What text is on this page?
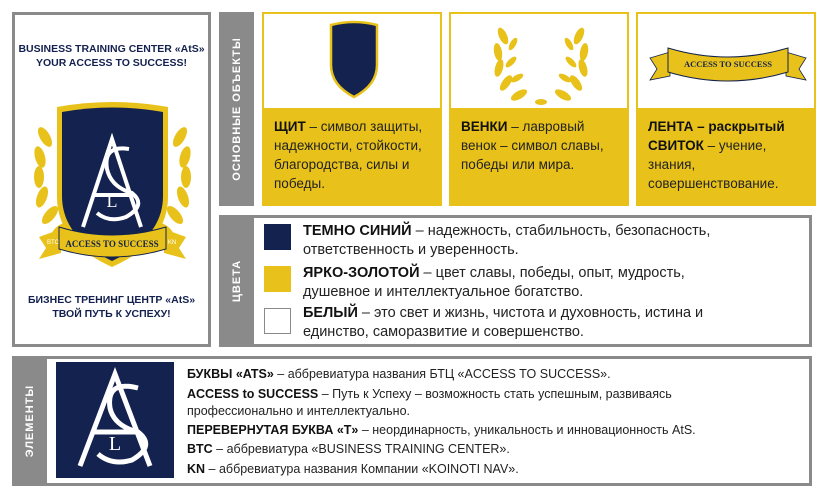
BUSINESS TRAINING CENTER «AtS»
YOUR ACCESS TO SUCCESS!
L
ACCESS TO SUCCESS
BTC	KN
БИЗНЕС ТРЕНИНГ ЦЕНТР «AtS»
ТВОЙ ПУТЬ К УСПЕХУ!
ОСНОВНЫЕ ОБЪЕКТЫ ЩИТ – символ защиты, надежности, стойкости, благородства, силы и победы.
ВЕНКИ – лавровый венок – символ славы, победы или мира.
ACCESS TO SUCCESS
ЛЕНТА – раскрытый СВИТОК – учение, знания, совершенствование.
ЦВЕТА
ТЕМНО СИНИЙ – надежность, стабильность, безопасность,
ответственность и уверенность.
ЯРКО-ЗОЛОТОЙ – цвет славы, победы, опыт, мудрость,
душевное и интеллектуальное богатство.
БЕЛЫЙ – это свет и жизнь, чистота и духовность, истина и
единство, саморазвитие и совершенство.
ЭЛЕМЕНТЫ	L
БУКВЫ «ATS» – аббревиатура названия БТЦ «ACCESS TO SUCCESS».
ACCESS to SUCCESS – Путь к Успеху – возможность стать успешным, развиваясь
профессионально и интеллектуально.
ПЕРЕВЕРНУТАЯ БУКВА «T» – неординарность, уникальность и инновационность AtS.
BTC – аббревиатура «BUSINESS TRAINING CENTER».
KN – аббревиатура названия Компании «KOINOTI NAV».
